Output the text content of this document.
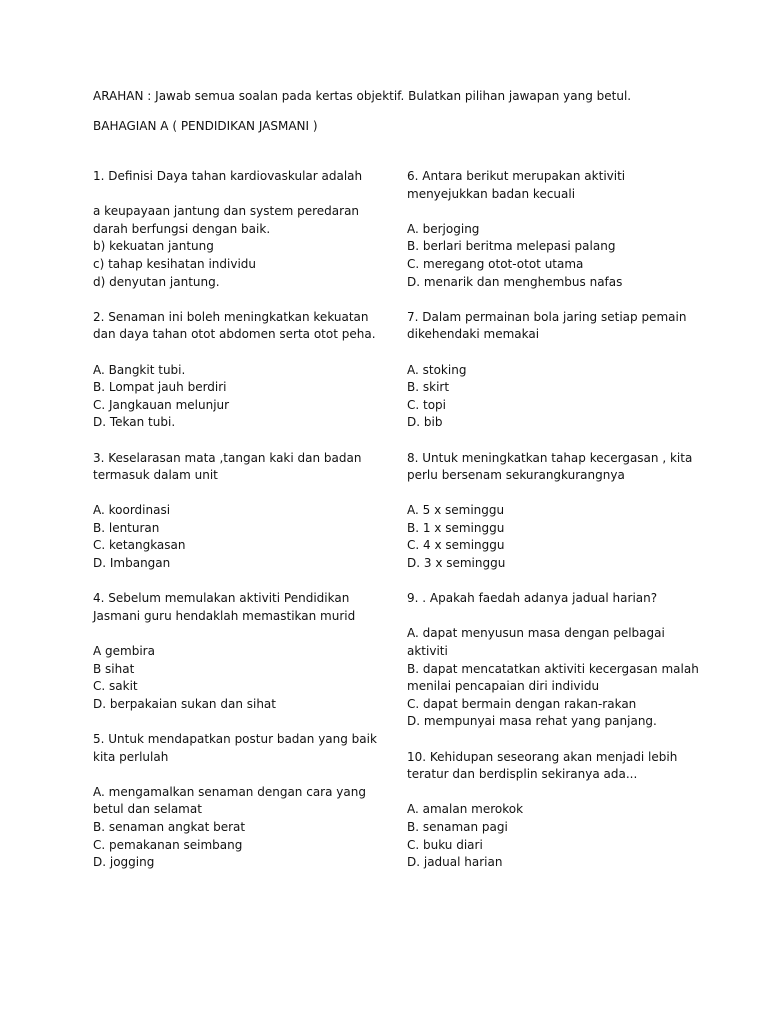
ARAHAN : Jawab semua soalan pada kertas objektif. Bulatkan pilihan jawapan yang betul.
BAHAGIAN A ( PENDIDIKAN JASMANI )

1. Definisi Daya tahan kardiovaskular adalah

a keupayaan jantung dan system peredaran darah berfungsi dengan baik.
b) kekuatan jantung
c) tahap kesihatan individu
d) denyutan jantung.

2. Senaman ini boleh meningkatkan kekuatan dan daya tahan otot abdomen serta otot peha.

A. Bangkit tubi.
B. Lompat jauh berdiri
C. Jangkauan melunjur
D. Tekan tubi.

3. Keselarasan mata ,tangan kaki dan badan termasuk dalam unit

A. koordinasi
B. lenturan
C. ketangkasan
D. Imbangan

4. Sebelum memulakan aktiviti Pendidikan Jasmani guru hendaklah memastikan murid

A gembira
B sihat
C. sakit
D. berpakaian sukan dan sihat

5. Untuk mendapatkan postur badan yang baik kita perlulah

A. mengamalkan senaman dengan cara yang betul dan selamat
B. senaman angkat berat
C. pemakanan seimbang
D. jogging

6. Antara berikut merupakan aktiviti menyejukkan badan kecuali

A. berjoging
B. berlari beritma melepasi palang
C. meregang otot-otot utama
D. menarik dan menghembus nafas

7. Dalam permainan bola jaring setiap pemain dikehendaki memakai

A. stoking
B. skirt
C. topi
D. bib

8. Untuk meningkatkan tahap kecergasan , kita perlu bersenam sekurangkurangnya

A. 5 x seminggu
B. 1 x seminggu
C. 4 x seminggu
D. 3 x seminggu

9. . Apakah faedah adanya jadual harian?

A. dapat menyusun masa dengan pelbagai aktiviti
B. dapat mencatatkan aktiviti kecergasan malah menilai pencapaian diri individu
C. dapat bermain dengan rakan-rakan
D. mempunyai masa rehat yang panjang.

10. Kehidupan seseorang akan menjadi lebih teratur dan berdisplin sekiranya ada...

A. amalan merokok
B. senaman pagi
C. buku diari
D. jadual harian
